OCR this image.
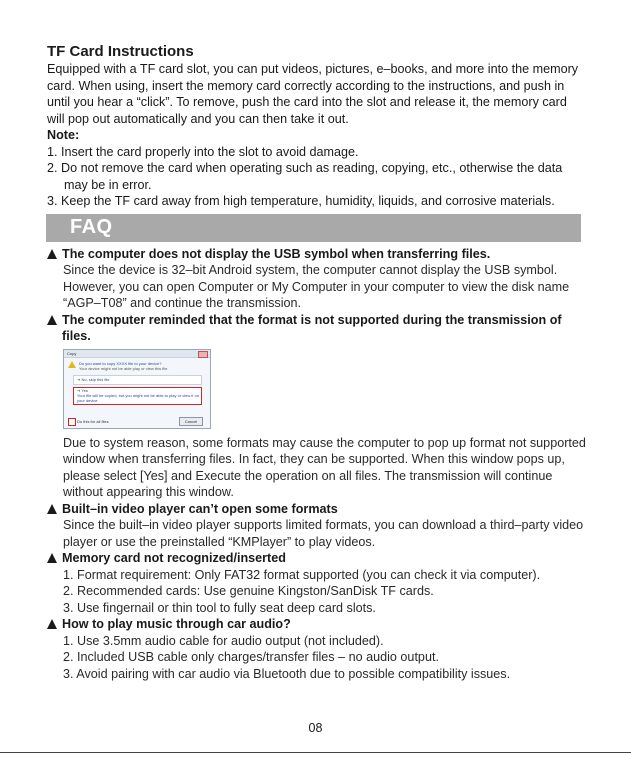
TF Card Instructions

Equipped with a TF card slot, you can put videos, pictures, e–books, and more into the memory card. When using, insert the memory card correctly according to the instructions, and push in until you hear a “click”. To remove, push the card into the slot and release it, the memory card will pop out automatically and you can then take it out.

Note:

1. Insert the card properly into the slot to avoid damage.
2. Do not remove the card when operating such as reading, copying, etc., otherwise the data may be in error.
3. Keep the TF card away from high temperature, humidity, liquids, and corrosive materials.
FAQ
The computer does not display the USB symbol when transferring files.
Since the device is 32–bit Android system, the computer cannot display the USB symbol. However, you can open Computer or My Computer in your computer to view the disk name “AGP–T08” and continue the transmission.
The computer reminded that the format is not supported during the transmission of files.
Copy
Do you want to copy XXXX file to your device?
Your device might not be able play or view this file.
➜ No, skip this file
➜ Yes
Your file will be copied, but you might not be able to play or view it on your device.
Do this for all files	Cancel
Due to system reason, some formats may cause the computer to pop up format not supported window when transferring files. In fact, they can be supported. When this window pops up, please select [Yes] and Execute the operation on all files. The transmission will continue without appearing this window.
Built–in video player can’t open some formats
Since the built–in video player supports limited formats, you can download a third–party video player or use the preinstalled “KMPlayer” to play videos.
Memory card not recognized/inserted
1. Format requirement: Only FAT32 format supported (you can check it via computer).
2. Recommended cards: Use genuine Kingston/SanDisk TF cards.
3. Use fingernail or thin tool to fully seat deep card slots.
How to play music through car audio?
1. Use 3.5mm audio cable for audio output (not included).
2. Included USB cable only charges/transfer files – no audio output.
3. Avoid pairing with car audio via Bluetooth due to possible compatibility issues.
08
